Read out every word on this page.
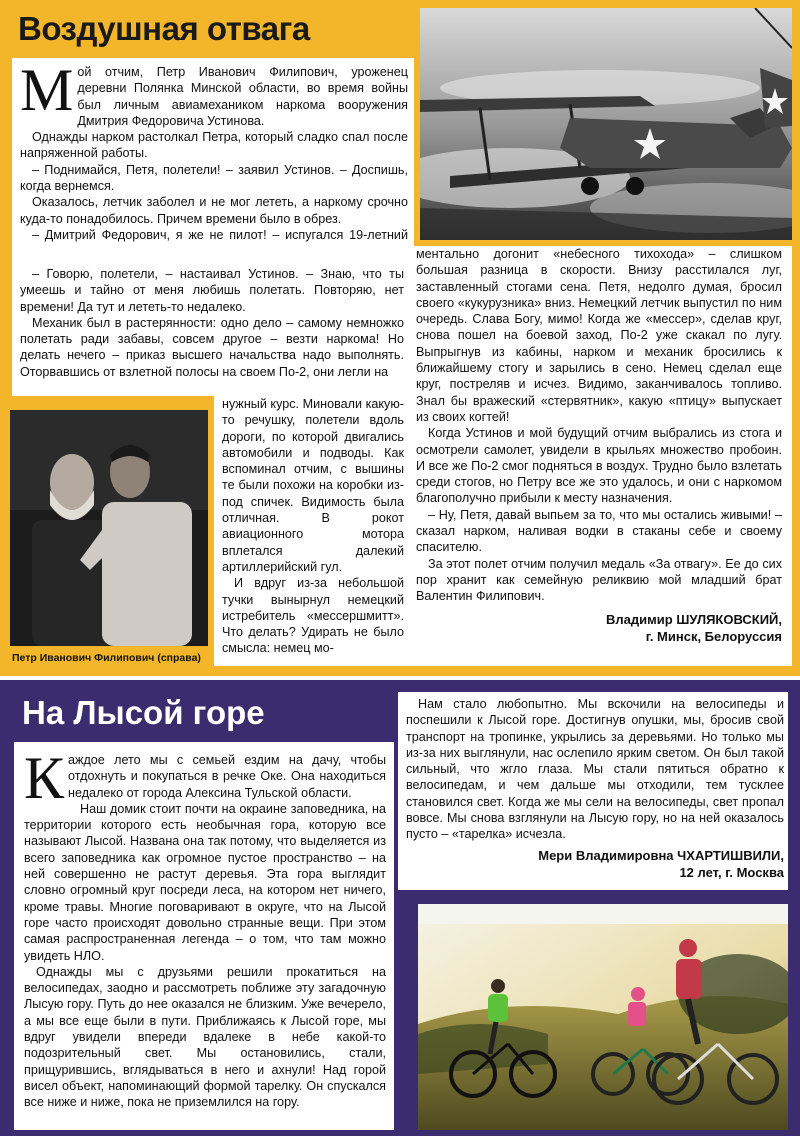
Воздушная отвага
М ой отчим, Петр Иванович Филипович, уроженец деревни Полянка Минской области, во время войны был личным авиамехаником наркома вооружения Дмитрия Федоровича Устинова.

Однажды нарком растолкал Петра, который сладко спал после напряженной работы.

– Поднимайся, Петя, полетели! – заявил Устинов. – Доспишь, когда вернемся.

Оказалось, летчик заболел и не мог лететь, а наркому срочно куда-то понадобилось. Причем времени было в обрез.

– Дмитрий Федорович, я же не пилот! – испугался 19-летний

– Говорю, полетели, – настаивал Устинов. – Знаю, что ты умеешь и тайно от меня любишь полетать. Повторяю, нет времени! Да тут и лететь-то недалеко.

Механик был в растерянности: одно дело – самому немножко полетать ради забавы, совсем другое – везти наркома! Но делать нечего – приказ высшего начальства надо выполнять. Оторвавшись от взлетной полосы на своем По-2, они легли на

нужный курс. Миновали какую-то речушку, полетели вдоль дороги, по которой двигались автомобили и подводы. Как вспоминал отчим, с вышины те были похожи на коробки из-под спичек. Видимость была отличная. В рокот авиационного мотора вплетался далекий артиллерийский гул.

И вдруг из-за небольшой тучки вынырнул немецкий истребитель «мессершмитт». Что делать? Удирать не было смысла: немец мо-

Петр Иванович Филипович (справа)

ментально догонит «небесного тихохода» – слишком большая разница в скорости. Внизу расстилался луг, заставленный стогами сена. Петя, недолго думая, бросил своего «кукурузника» вниз. Немецкий летчик выпустил по ним очередь. Слава Богу, мимо! Когда же «мессер», сделав круг, снова пошел на боевой заход, По-2 уже скакал по лугу. Выпрыгнув из кабины, нарком и механик бросились к ближайшему стогу и зарылись в сено. Немец сделал еще круг, постреляв и исчез. Видимо, заканчивалось топливо. Знал бы вражеский «стервятник», какую «птицу» выпускает из своих когтей!

Когда Устинов и мой будущий отчим выбрались из стога и осмотрели самолет, увидели в крыльях множество пробоин. И все же По-2 смог подняться в воздух. Трудно было взлетать среди стогов, но Петру все же это удалось, и они с наркомом благополучно прибыли к месту назначения.

– Ну, Петя, давай выпьем за то, что мы остались живыми! – сказал нарком, наливая водки в стаканы себе и своему спасителю.

За этот полет отчим получил медаль «За отвагу». Ее до сих пор хранит как семейную реликвию мой младший брат Валентин Филипович.

Владимир ШУЛЯКОВСКИЙ,
г. Минск, Белоруссия
На Лысой горе
К аждое лето мы с семьей ездим на дачу, чтобы отдохнуть и покупаться в речке Оке. Она находиться недалеко от города Алексина Тульской области.

Наш домик стоит почти на окраине заповедника, на территории которого есть необычная гора, которую все называют Лысой. Названа она так потому, что выделяется из всего заповедника как огромное пустое пространство – на ней совершенно не растут деревья. Эта гора выглядит словно огромный круг посреди леса, на котором нет ничего, кроме травы. Многие поговаривают в округе, что на Лысой горе часто происходят довольно странные вещи. При этом самая распространенная легенда – о том, что там можно увидеть НЛО.

Однажды мы с друзьями решили прокатиться на велосипедах, заодно и рассмотреть поближе эту загадочную Лысую гору. Путь до нее оказался не близким. Уже вечерело, а мы все еще были в пути. Приближаясь к Лысой горе, мы вдруг увидели впереди вдалеке в небе какой-то подозрительный свет. Мы остановились, стали, прищурившись, вглядываться в него и ахнули! Над горой висел объект, напоминающий формой тарелку. Он спускался все ниже и ниже, пока не приземлился на гору.

Нам стало любопытно. Мы вскочили на велосипеды и поспешили к Лысой горе. Достигнув опушки, мы, бросив свой транспорт на тропинке, укрылись за деревьями. Но только мы из-за них выглянули, нас ослепило ярким светом. Он был такой сильный, что жгло глаза. Мы стали пятиться обратно к велосипедам, и чем дальше мы отходили, тем тусклее становился свет. Когда же мы сели на велосипеды, свет пропал вовсе. Мы снова взглянули на Лысую гору, но на ней оказалось пусто – «тарелка» исчезла.

Мери Владимировна ЧХАРТИШВИЛИ,
12 лет, г. Москва
